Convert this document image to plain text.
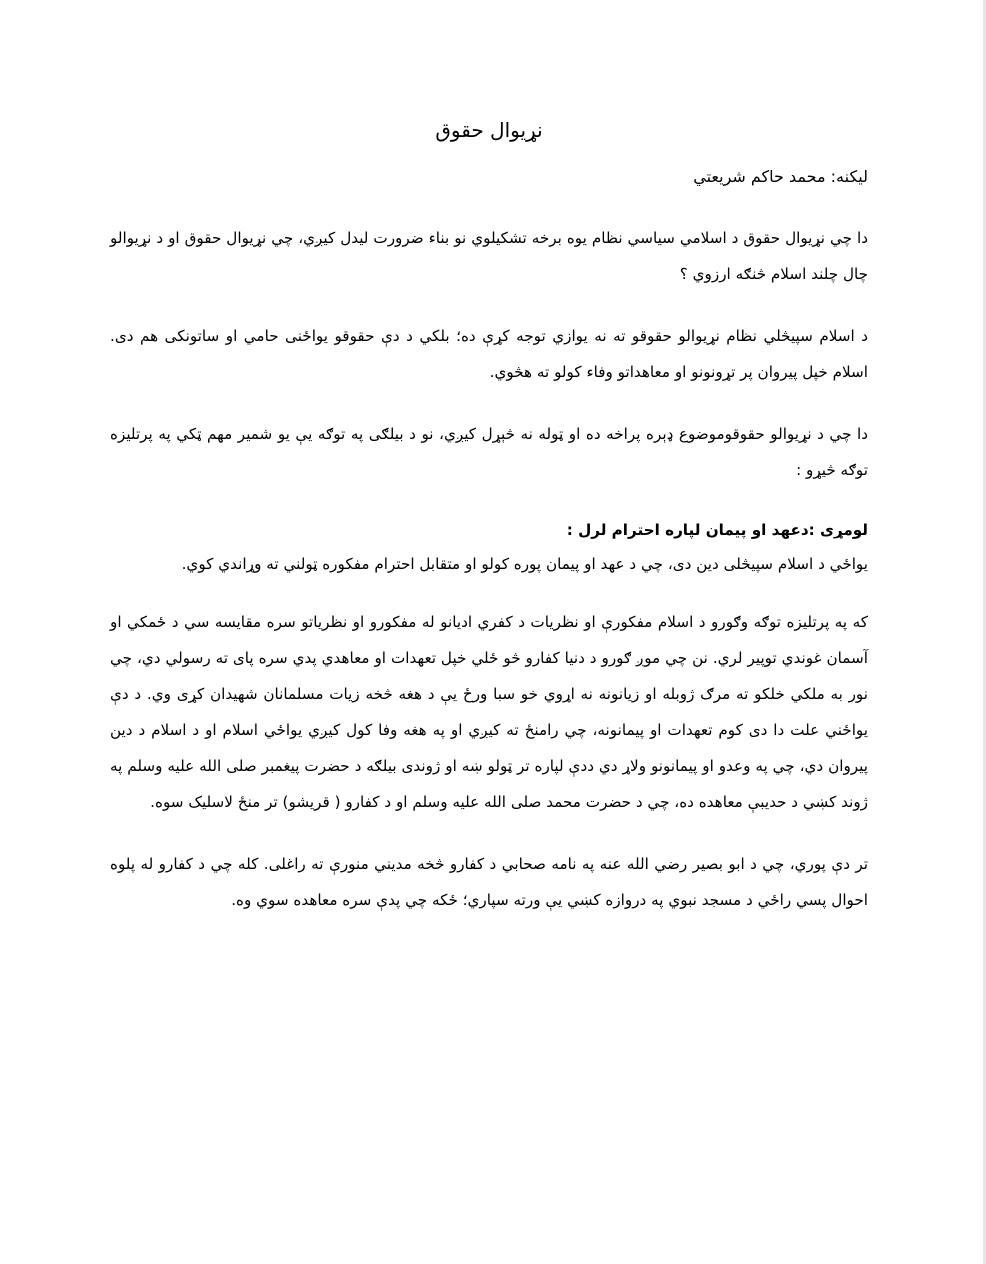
نړیوال حقوق

لیکنه: محمد حاکم شریعتي

دا چي نړیوال حقوق د اسلامي سیاسي نظام یوه برخه تشکیلوي نو بناء ضرورت لیدل کیږي، چي نړیوال حقوق او د نړیوالو چال چلند اسلام څنګه ارزوي ؟

د اسلام سپیڅلي نظام نړیوالو حقوقو ته نه یوازي توجه کړې ده؛ بلکي د دې حقوقو یواځنی حامي او ساتونکی هم دی. اسلام خپل پیروان پر تړونونو او معاهداتو وفاء کولو ته هڅوي.

دا چي د نړیوالو حقوقوموضوع ډېره پراخه ده او ټوله نه څېړل کیږي، نو د بیلګی په توګه یې یو شمیر مهم ټکي په پرتلیزه توګه څیړو :

لومړی :دعهد او پیمان لپاره احترام لرل :

یواځي د اسلام سپیڅلی دین دی، چي د عهد او پیمان پوره کولو او متقابل احترام مفکوره ټولني ته وړاندي کوي.

که په پرتلیزه توګه وګورو د اسلام مفکورې او نظریات د کفري ادیانو له مفکورو او نظریاتو سره مقایسه سي د ځمکي او آسمان غوندي توپیر لري. نن چي موږ ګورو د دنیا کفارو څو ځلي خپل تعهدات او معاهدي پدي سره پای ته رسولي دي، چي نور به ملکي خلکو ته مرګ ژوبله او زیانونه نه اړوي خو سبا ورځ یې د هغه څخه زیات مسلمانان شهیدان کړی وي. د دې یواځني علت دا دی کوم تعهدات او پیمانونه، چي رامنځ ته کیږي او په هغه وفا کول کیږي یواځي اسلام او د اسلام د دین پیروان دي، چي په وعدو او پیمانونو ولاړ دي ددې لپاره تر ټولو ښه او ژوندی بیلګه د حضرت پیغمبر صلی الله علیه وسلم په ژوند کښي د حدیبې معاهده ده، چي د حضرت محمد صلی الله علیه وسلم او د کفارو ( قریشو) تر منځ لاسلیک سوه.

تر دې پوري، چي د ابو بصیر رضي الله عنه په نامه صحابي د کفارو څخه مدیني منورې ته راغلی. کله چي د کفارو له پلوه احوال پسي راځي د مسجد نبوي په دروازه کښي یې ورته سپاري؛ ځکه چي پدې سره معاهده سوي وه.
